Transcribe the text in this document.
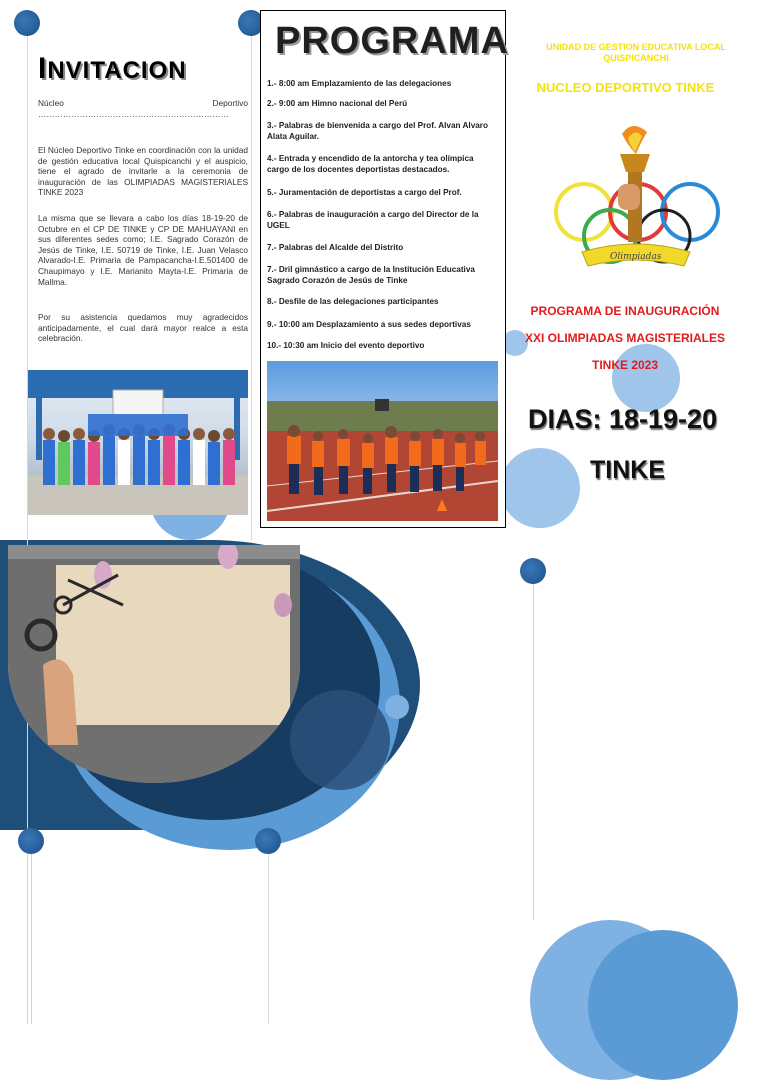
INVITACION
Núcleo Deportivo ……………………………………………………………
El Núcleo Deportivo Tinke en coordinación con la unidad de gestión educativa local Quispicanchi y el auspicio, tiene el agrado de invitarle a la ceremonia de inauguración de las OLIMPIADAS MAGISTERIALES TINKE 2023
La misma que se llevara a cabo los días 18-19-20 de Octubre en el CP DE TINKE y CP DE MAHUAYANI en sus diferentes sedes como; I.E. Sagrado Corazón de Jesús de Tinke, I.E. 50719 de Tinke, I.E. Juan Velasco Alvarado-I.E. Primaria de Pampacancha-I.E.501400 de Chaupimayo y I.E. Marianito Mayta-I.E. Primaria de Mallma.
Por su asistencia quedamos muy agradecidos anticipadamente, el cual dará mayor realce a esta celebración.
PROGRAMA
1.- 8:00 am Emplazamiento de las delegaciones
2.- 9:00 am Himno nacional del Perú
3.- Palabras de bienvenida a cargo del Prof. Alvan Alvaro Alata Aguilar.
4.- Entrada y encendido de la antorcha y tea olímpica cargo de los docentes deportistas destacados.
5.- Juramentación de deportistas a cargo del Prof.
6.- Palabras de inauguración a cargo del Director de la UGEL
7.- Palabras del Alcalde del Distrito
7.- Dril gimnástico a cargo de la Institución Educativa Sagrado Corazón de Jesús de Tinke
8.- Desfile de las delegaciones participantes
9.- 10:00 am Desplazamiento a sus sedes deportivas
10.- 10:30 am Inicio del evento deportivo
UNIDAD DE GESTION EDUCATIVA LOCAL QUISPICANCHI
NUCLEO DEPORTIVO TINKE
Olimpiadas
PROGRAMA DE INAUGURACIÓN
XXI OLIMPIADAS MAGISTERIALES
TINKE 2023
DIAS: 18-19-20
TINKE
